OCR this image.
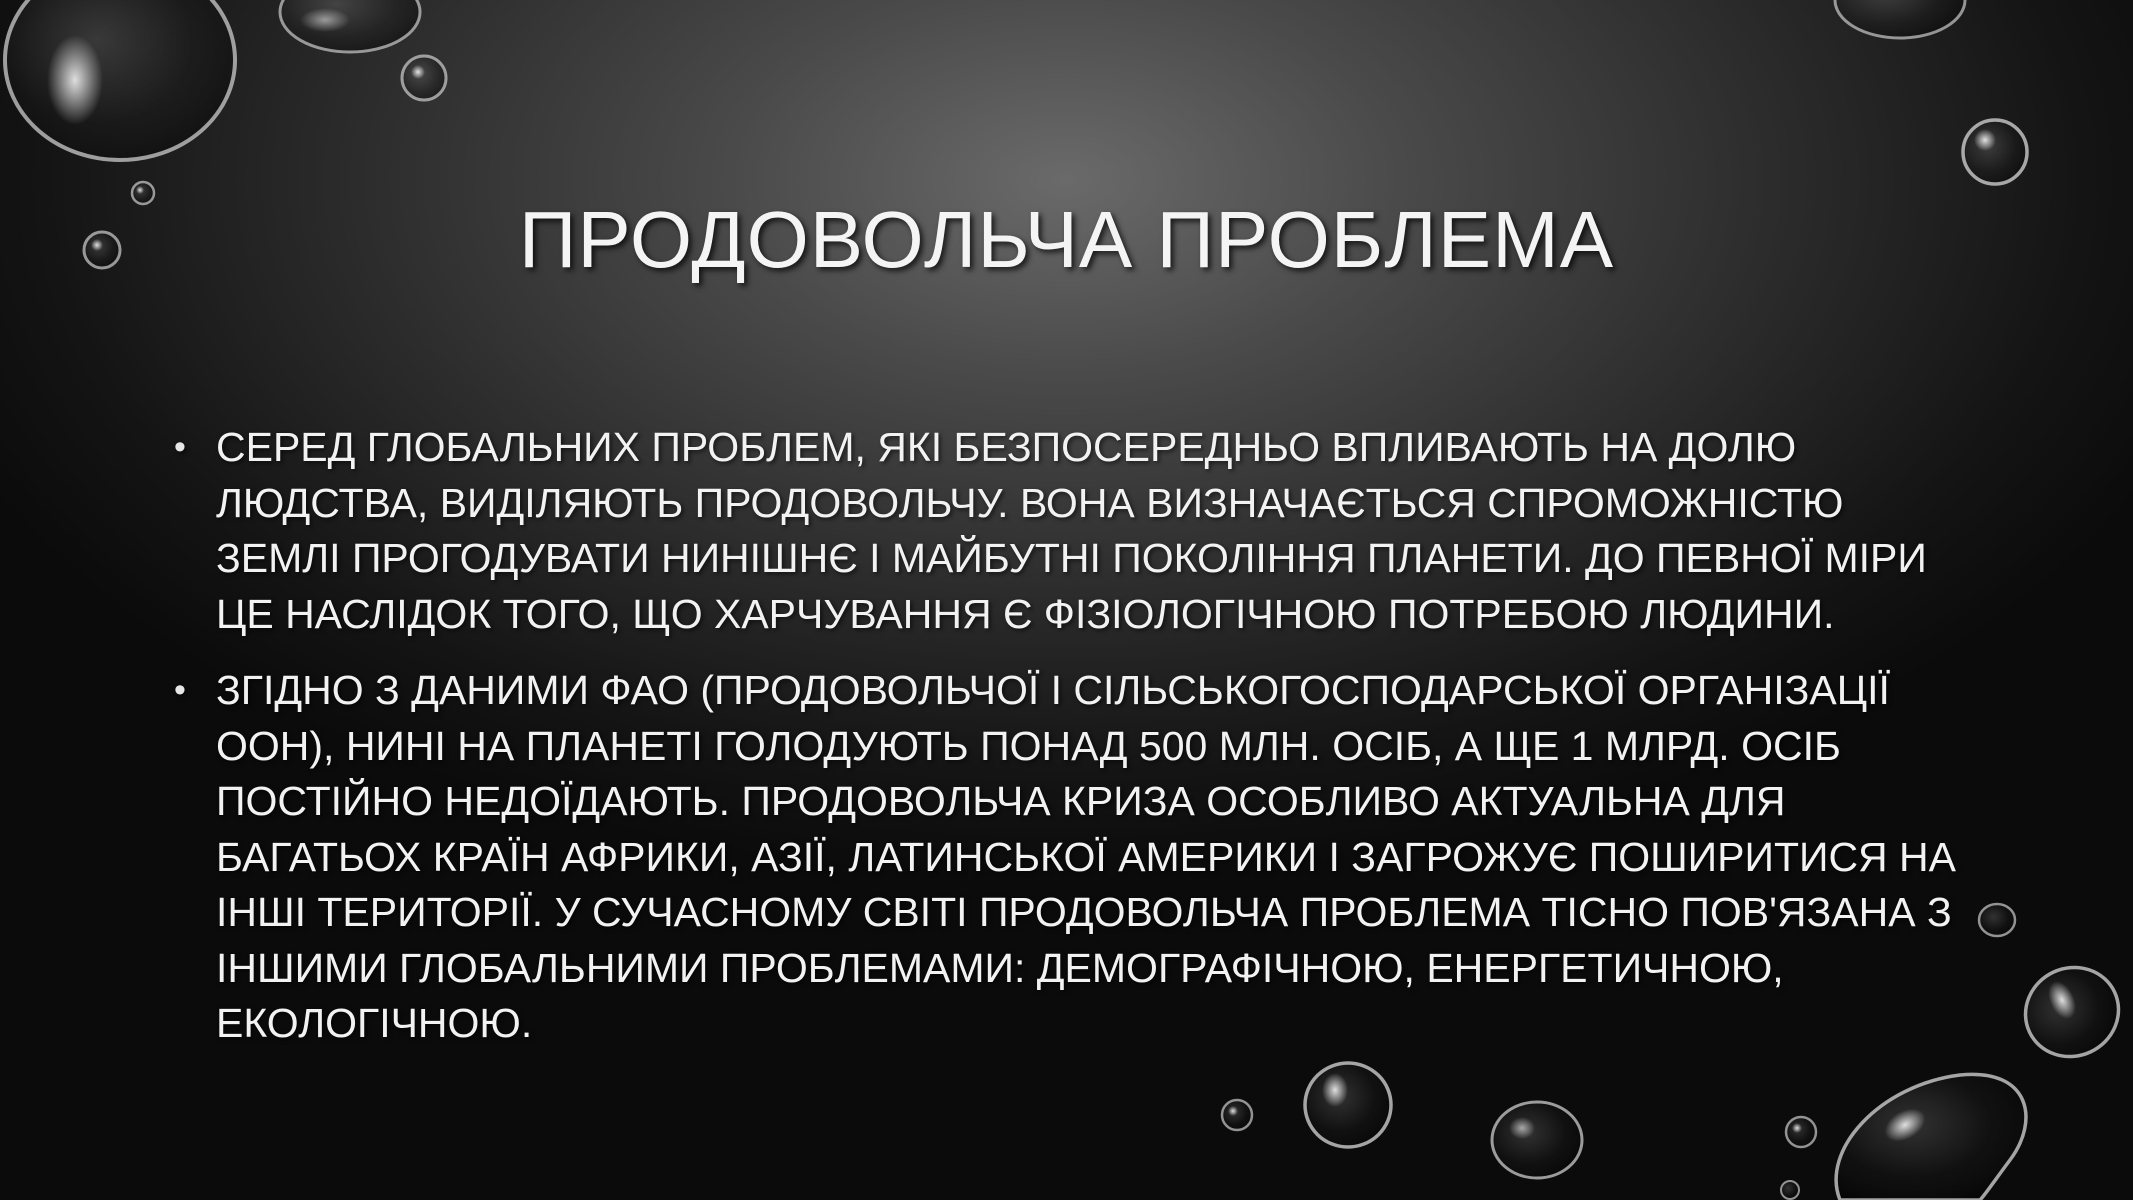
ПРОДОВОЛЬЧА ПРОБЛЕМА
• СЕРЕД ГЛОБАЛЬНИХ ПРОБЛЕМ, ЯКІ БЕЗПОСЕРЕДНЬО ВПЛИВАЮТЬ НА ДОЛЮ ЛЮДСТВА, ВИДІЛЯЮТЬ ПРОДОВОЛЬЧУ. ВОНА ВИЗНАЧАЄТЬСЯ СПРОМОЖНІСТЮ ЗЕМЛІ ПРОГОДУВАТИ НИНІШНЄ І МАЙБУТНІ ПОКОЛІННЯ ПЛАНЕТИ. ДО ПЕВНОЇ МІРИ ЦЕ НАСЛІДОК ТОГО, ЩО ХАРЧУВАННЯ Є ФІЗІОЛОГІЧНОЮ ПОТРЕБОЮ ЛЮДИНИ.
• ЗГІДНО З ДАНИМИ ФАО (ПРОДОВОЛЬЧОЇ І СІЛЬСЬКОГОСПОДАРСЬКОЇ ОРГАНІЗАЦІЇ ООН), НИНІ НА ПЛАНЕТІ ГОЛОДУЮТЬ ПОНАД 500 МЛН. ОСІБ, А ЩЕ 1 МЛРД. ОСІБ ПОСТІЙНО НЕДОЇДАЮТЬ. ПРОДОВОЛЬЧА КРИЗА ОСОБЛИВО АКТУАЛЬНА ДЛЯ БАГАТЬОХ КРАЇН АФРИКИ, АЗІЇ, ЛАТИНСЬКОЇ АМЕРИКИ І ЗАГРОЖУЄ ПОШИРИТИСЯ НА ІНШІ ТЕРИТОРІЇ. У СУЧАСНОМУ СВІТІ ПРОДОВОЛЬЧА ПРОБЛЕМА ТІСНО ПОВ'ЯЗАНА З ІНШИМИ ГЛОБАЛЬНИМИ ПРОБЛЕМАМИ: ДЕМОГРАФІЧНОЮ, ЕНЕРГЕТИЧНОЮ, ЕКОЛОГІЧНОЮ.
